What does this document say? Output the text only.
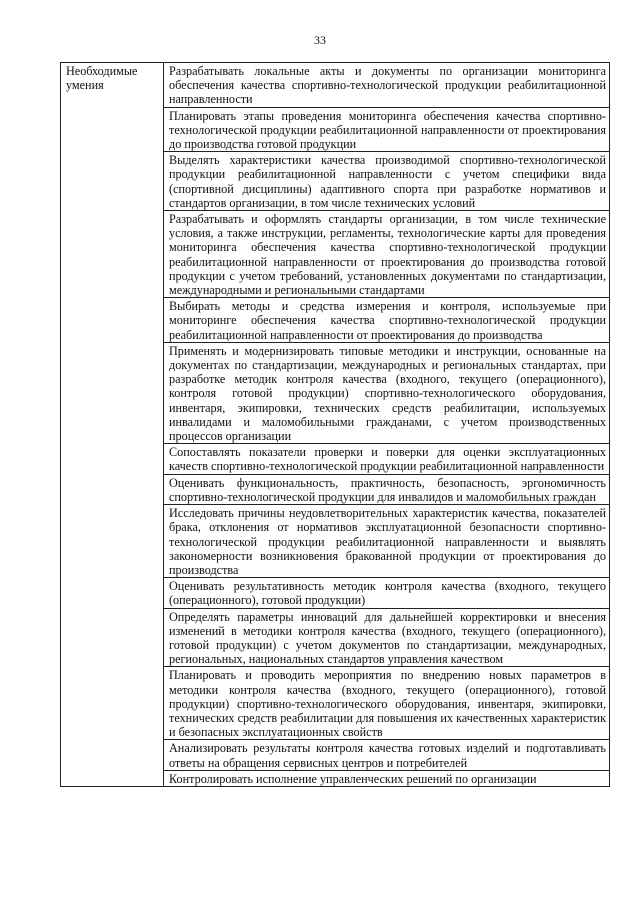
33
Необходимые умения	Разрабатывать локальные акты и документы по организации мониторинга обеспечения качества спортивно-технологической продукции реабилитационной направленности
Планировать этапы проведения мониторинга обеспечения качества спортивно-технологической продукции реабилитационной направленности от проектирования до производства готовой продукции
Выделять характеристики качества производимой спортивно-технологической продукции реабилитационной направленности с учетом специфики вида (спортивной дисциплины) адаптивного спорта при разработке нормативов и стандартов организации, в том числе технических условий
Разрабатывать и оформлять стандарты организации, в том числе технические условия, а также инструкции, регламенты, технологические карты для проведения мониторинга обеспечения качества спортивно-технологической продукции реабилитационной направленности от проектирования до производства готовой продукции с учетом требований, установленных документами по стандартизации, международными и региональными стандартами
Выбирать методы и средства измерения и контроля, используемые при мониторинге обеспечения качества спортивно-технологической продукции реабилитационной направленности от проектирования до производства
Применять и модернизировать типовые методики и инструкции, основанные на документах по стандартизации, международных и региональных стандартах, при разработке методик контроля качества (входного, текущего (операционного), контроля готовой продукции) спортивно-технологического оборудования, инвентаря, экипировки, технических средств реабилитации, используемых инвалидами и маломобильными гражданами, с учетом производственных процессов организации
Сопоставлять показатели проверки и поверки для оценки эксплуатационных качеств спортивно-технологической продукции реабилитационной направленности
Оценивать функциональность, практичность, безопасность, эргономичность спортивно-технологической продукции для инвалидов и маломобильных граждан
Исследовать причины неудовлетворительных характеристик качества, показателей брака, отклонения от нормативов эксплуатационной безопасности спортивно-технологической продукции реабилитационной направленности и выявлять закономерности возникновения бракованной продукции от проектирования до производства
Оценивать результативность методик контроля качества (входного, текущего (операционного), готовой продукции)
Определять параметры инноваций для дальнейшей корректировки и внесения изменений в методики контроля качества (входного, текущего (операционного), готовой продукции) с учетом документов по стандартизации, международных, региональных, национальных стандартов управления качеством
Планировать и проводить мероприятия по внедрению новых параметров в методики контроля качества (входного, текущего (операционного), готовой продукции) спортивно-технологического оборудования, инвентаря, экипировки, технических средств реабилитации для повышения их качественных характеристик и безопасных эксплуатационных свойств
Анализировать результаты контроля качества готовых изделий и подготавливать ответы на обращения сервисных центров и потребителей
Контролировать исполнение управленческих решений по организации
